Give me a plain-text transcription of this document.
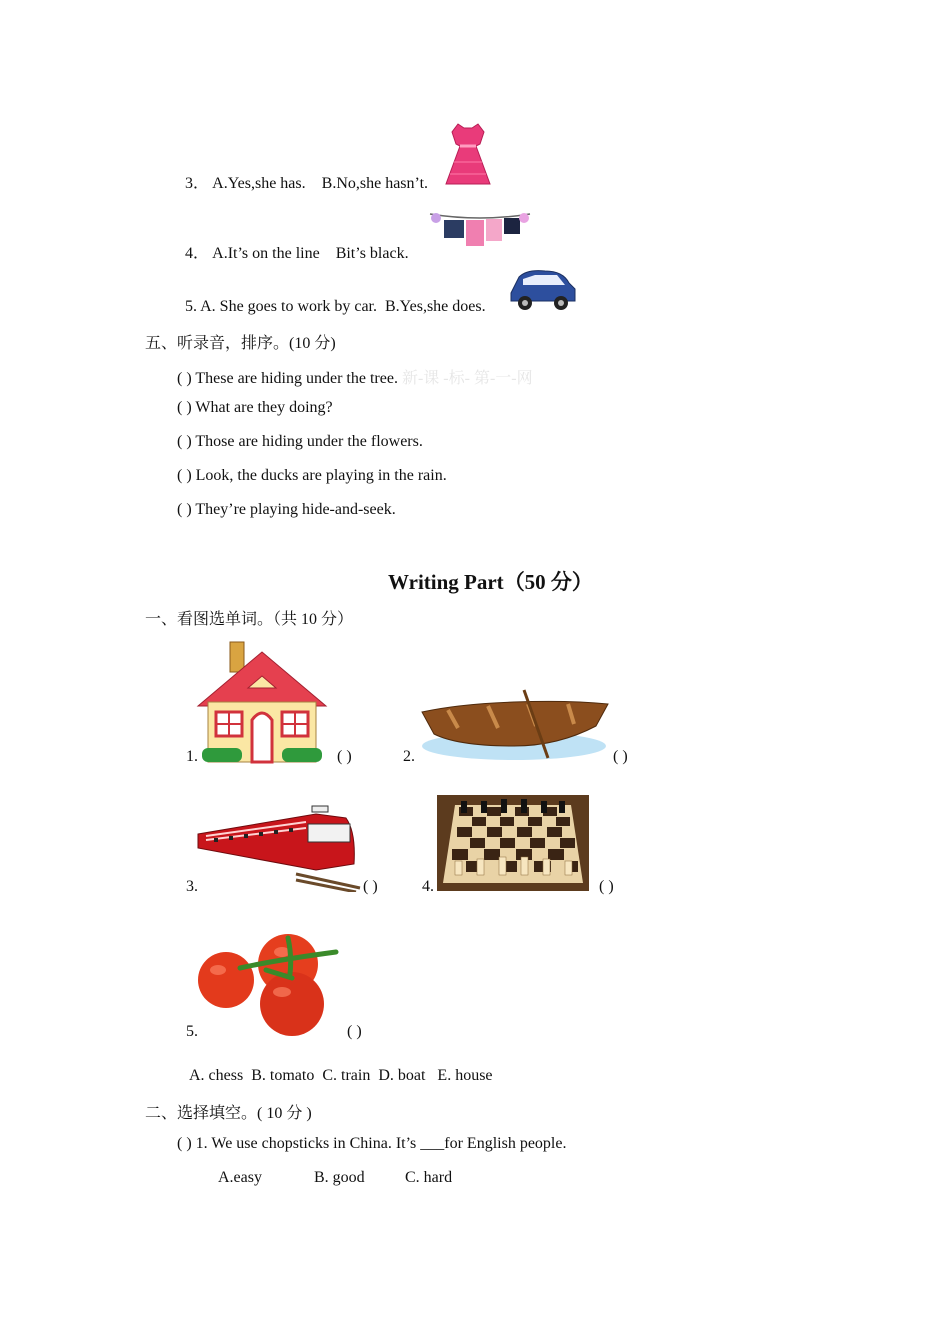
3． A.Yes,she has. B.No,she hasn’t.
4． A.It’s on the line Bit’s black.
5. A. She goes to work by car. B.Yes,she does.
五、听录音，排序。(10 分)
( ) These are hiding under the tree. 新-课 -标- 第-一-网
( ) What are they doing?
( ) Those are hiding under the flowers.
( ) Look, the ducks are playing in the rain.
( ) They’re playing hide-and-seek.
Writing Part（50 分）
一、看图选单词。（共 10 分）
1.	( )	2.	( )
3.	( )	4.	( )
5.	( )
A. chess  B. tomato  C. train  D. boat   E. house
二、选择填空。( 10 分 )
( ) 1. We use chopsticks in China. It’s ___for English people.
A.easy	B. good	C. hard
